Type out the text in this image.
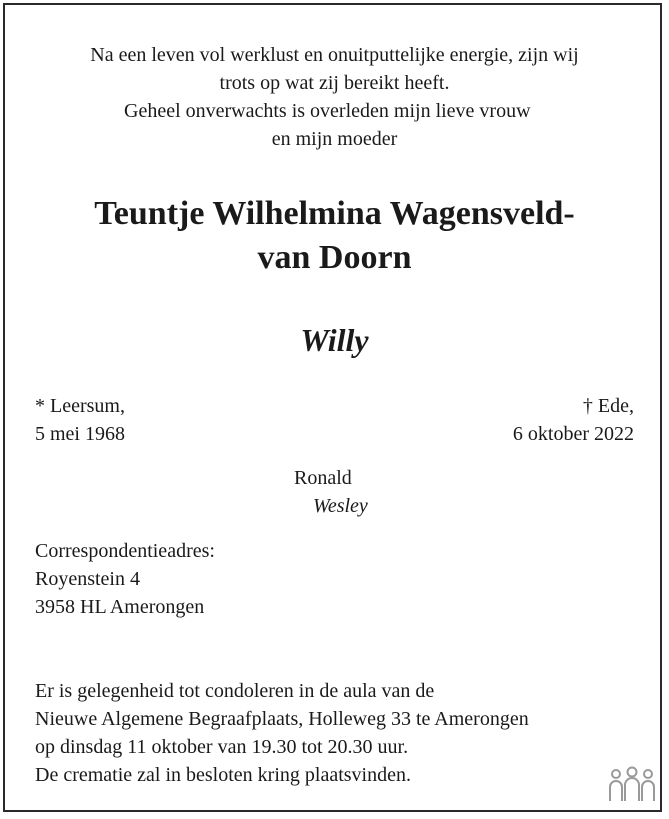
Na een leven vol werklust en onuitputtelijke energie, zijn wij
trots op wat zij bereikt heeft.
Geheel onverwachts is overleden mijn lieve vrouw
en mijn moeder
Teuntje Wilhelmina Wagensveld-
van Doorn
Willy
* Leersum,
5 mei 1968
† Ede,
6 oktober 2022
Ronald
Wesley
Correspondentieadres:
Royenstein 4
3958 HL Amerongen
Er is gelegenheid tot condoleren in de aula van de
Nieuwe Algemene Begraafplaats, Holleweg 33 te Amerongen
op dinsdag 11 oktober van 19.30 tot 20.30 uur.
De crematie zal in besloten kring plaatsvinden.
